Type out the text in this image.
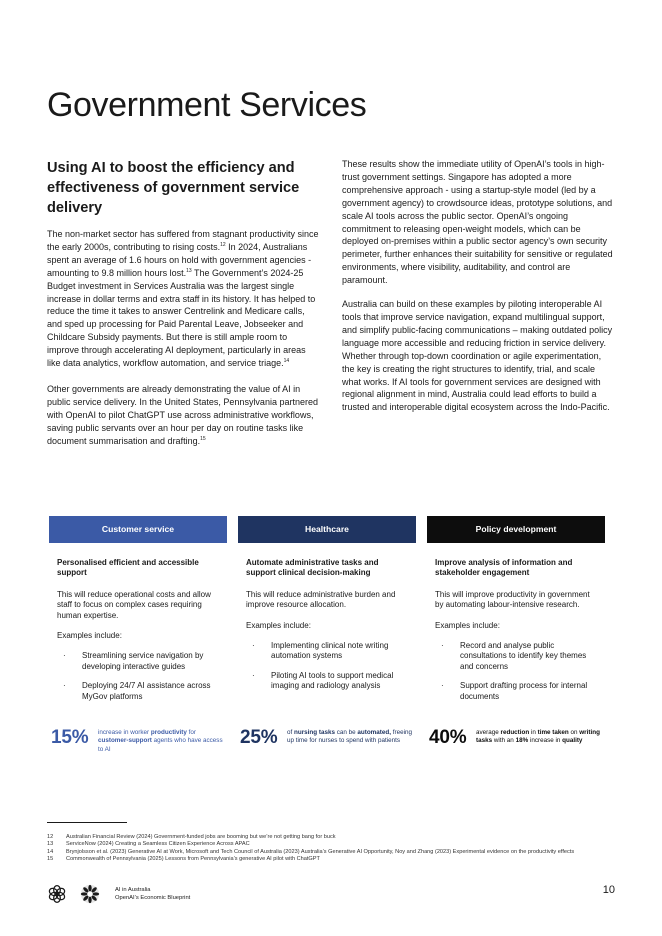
Government Services
Using AI to boost the efficiency and effectiveness of government service delivery

The non-market sector has suffered from stagnant productivity since the early 2000s, contributing to rising costs.$^{12}$ In 2024, Australians spent an average of 1.6 hours on hold with government agencies - amounting to 9.8 million hours lost.$^{13}$ The Government’s 2024-25 Budget investment in Services Australia was the largest single increase in dollar terms and extra staff in its history. It has helped to reduce the time it takes to answer Centrelink and Medicare calls, and sped up processing for Paid Parental Leave, Jobseeker and Childcare Subsidy payments. But there is still ample room to improve through accelerating AI deployment, particularly in areas like data analytics, workflow automation, and service triage.$^{14}$

Other governments are already demonstrating the value of AI in public service delivery. In the United States, Pennsylvania partnered with OpenAI to pilot ChatGPT use across administrative workflows, saving public servants over an hour per day on routine tasks like document summarisation and drafting.$^{15}$

These results show the immediate utility of OpenAI’s tools in high-trust government settings. Singapore has adopted a more comprehensive approach - using a startup-style model (led by a government agency) to crowdsource ideas, prototype solutions, and scale AI tools across the public sector. OpenAI’s ongoing commitment to releasing open-weight models, which can be deployed on-premises within a public sector agency’s own security perimeter, further enhances their suitability for sensitive or regulated environments, where visibility, auditability, and control are paramount.

Australia can build on these examples by piloting interoperable AI tools that improve service navigation, expand multilingual support, and simplify public-facing communications – making outdated policy language more accessible and reducing friction in service delivery. Whether through top-down coordination or agile experimentation, the key is creating the right structures to identify, trial, and scale what works. If AI tools for government services are designed with regional alignment in mind, Australia could lead efforts to build a trusted and interoperable digital ecosystem across the Indo-Pacific.

Customer service
Personalised efficient and accessible support
This will reduce operational costs and allow staff to focus on complex cases requiring human expertise.
Examples include:
· Streamlining service navigation by developing interactive guides
· Deploying 24/7 AI assistance across MyGov platforms
15% increase in worker productivity for customer-support agents who have access to AI
Healthcare
Automate administrative tasks and support clinical decision-making
This will reduce administrative burden and improve resource allocation.
Examples include:
· Implementing clinical note writing automation systems
· Piloting AI tools to support medical imaging and radiology analysis
25% of nursing tasks can be automated, freeing up time for nurses to spend with patients
Policy development
Improve analysis of information and stakeholder engagement
This will improve productivity in government by automating labour-intensive research.
Examples include:
· Record and analyse public consultations to identify key themes and concerns
· Support drafting process for internal documents
40% average reduction in time taken on writing tasks with an 18% increase in quality
12	Australian Financial Review (2024) Government-funded jobs are booming but we’re not getting bang for buck
13	ServiceNow (2024) Creating a Seamless Citizen Experience Across APAC
14	Brynjolsson et al. (2023) Generative AI at Work, Microsoft and Tech Council of Australia (2023) Australia’s Generative AI Opportunity, Noy and Zhang (2023) Experimental evidence on the productivity effects
15	Commonwealth of Pennsylvania (2025) Lessons from Pennsylvania’s generative AI pilot with ChatGPT
AI in Australia
OpenAI’s Economic Blueprint
10
